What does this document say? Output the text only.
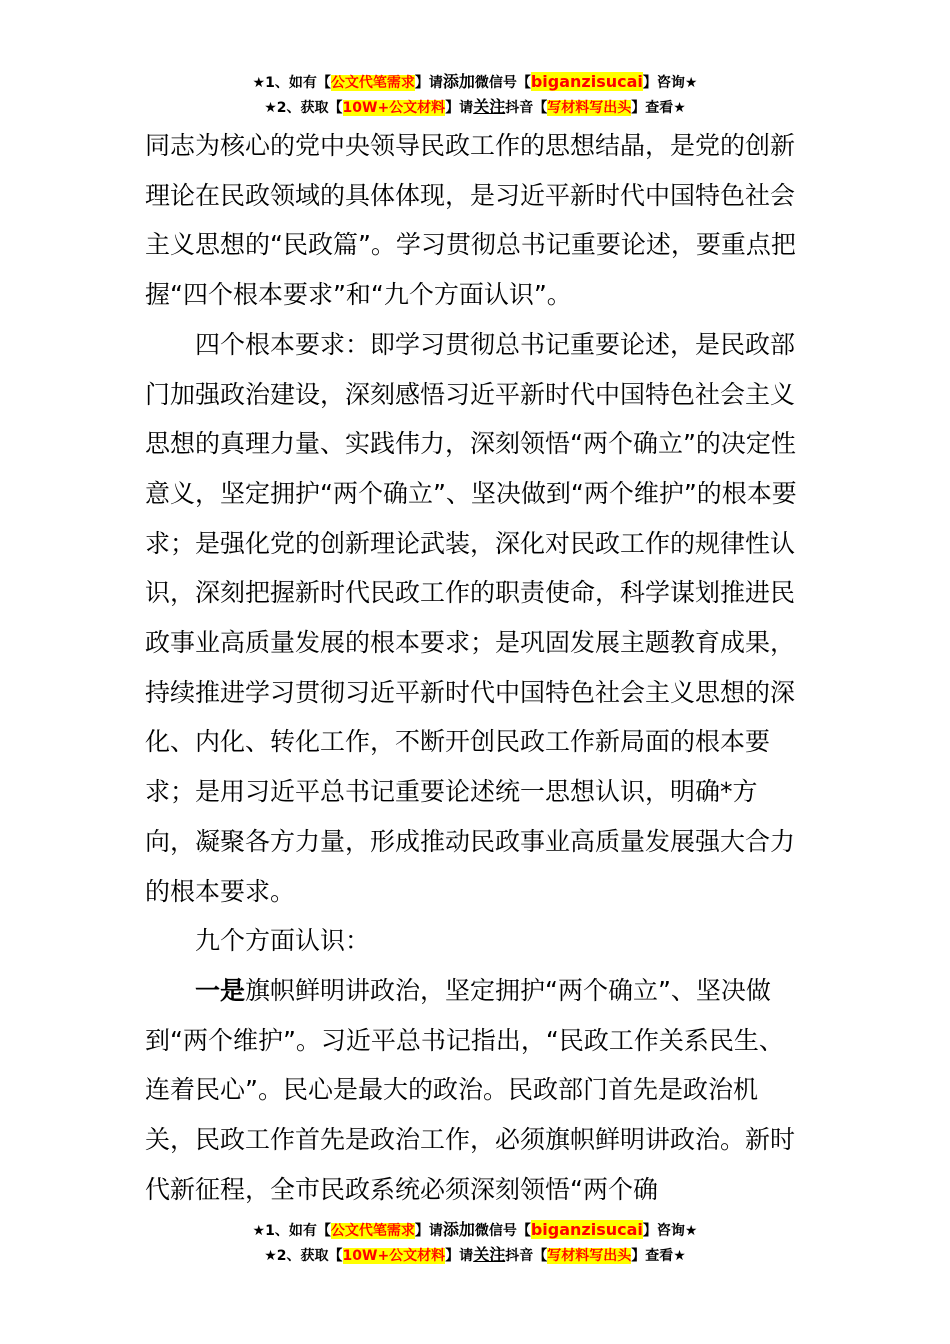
★1、如有【公文代笔需求】请添加微信号【biganzisucai】咨询★
★2、获取【10W+公文材料】请关注抖音【写材料写出头】查看★

同志为核心的党中央领导民政工作的思想结晶，是党的创新理论在民政领域的具体体现，是习近平新时代中国特色社会主义思想的“民政篇”。学习贯彻总书记重要论述，要重点把握“四个根本要求”和“九个方面认识”。

四个根本要求：即学习贯彻总书记重要论述，是民政部门加强政治建设，深刻感悟习近平新时代中国特色社会主义思想的真理力量、实践伟力，深刻领悟“两个确立”的决定性意义，坚定拥护“两个确立”、坚决做到“两个维护”的根本要求；是强化党的创新理论武装，深化对民政工作的规律性认识，深刻把握新时代民政工作的职责使命，科学谋划推进民政事业高质量发展的根本要求；是巩固发展主题教育成果，持续推进学习贯彻习近平新时代中国特色社会主义思想的深化、内化、转化工作，不断开创民政工作新局面的根本要求；是用习近平总书记重要论述统一思想认识，明确*方向，凝聚各方力量，形成推动民政事业高质量发展强大合力的根本要求。

九个方面认识：

一是旗帜鲜明讲政治，坚定拥护“两个确立”、坚决做到“两个维护”。习近平总书记指出，“民政工作关系民生、连着民心”。民心是最大的政治。民政部门首先是政治机关，民政工作首先是政治工作，必须旗帜鲜明讲政治。新时代新征程，全市民政系统必须深刻领悟“两个确

★1、如有【公文代笔需求】请添加微信号【biganzisucai】咨询★
★2、获取【10W+公文材料】请关注抖音【写材料写出头】查看★
